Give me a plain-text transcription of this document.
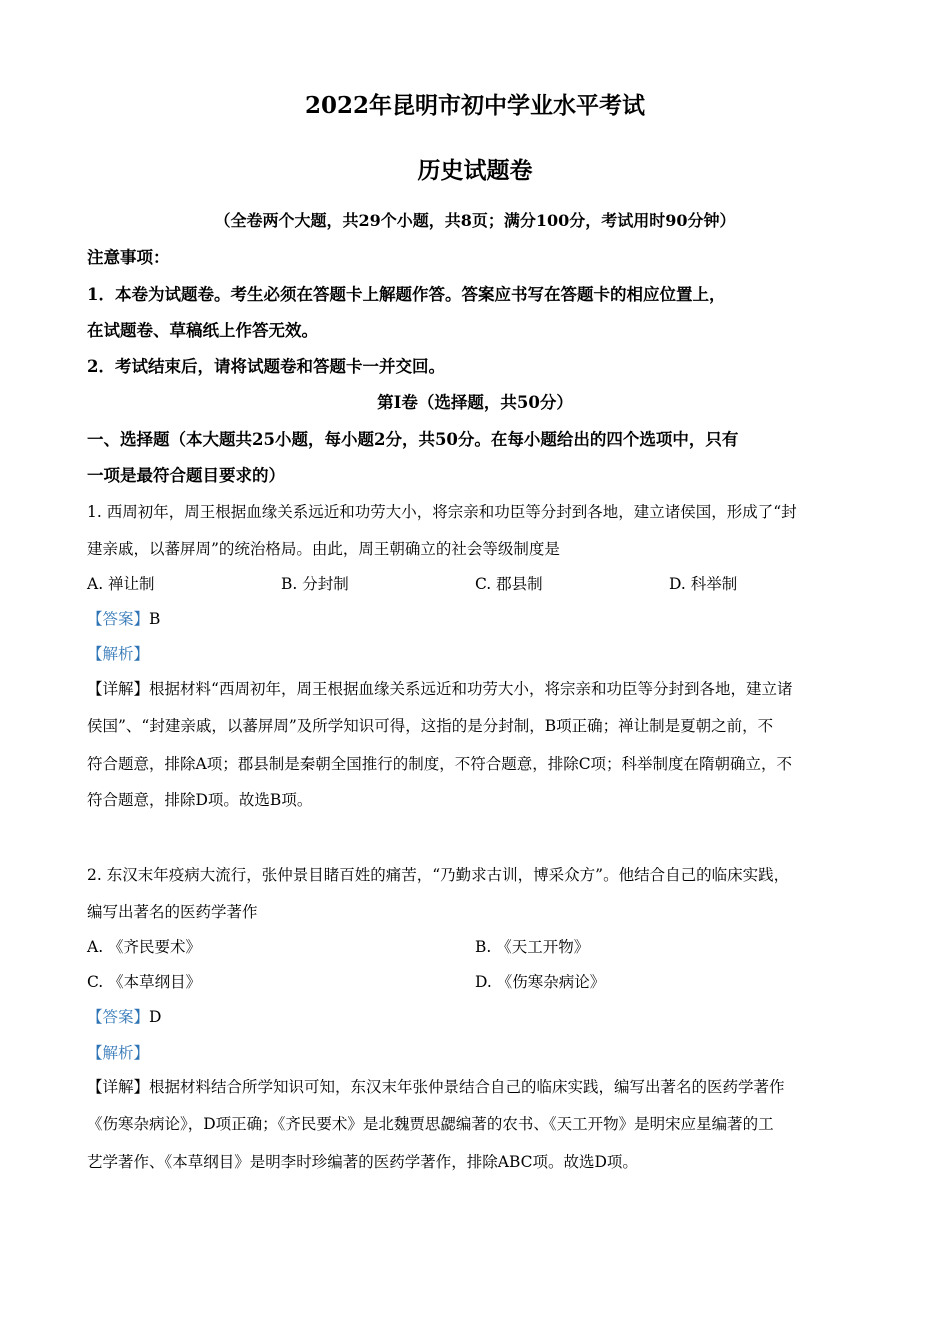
2022年昆明市初中学业水平考试
历史试题卷
（全卷两个大题，共29个小题，共8页；满分100分，考试用时90分钟）
注意事项：
1．本卷为试题卷。考生必须在答题卡上解题作答。答案应书写在答题卡的相应位置上，
在试题卷、草稿纸上作答无效。
2．考试结束后，请将试题卷和答题卡一并交回。
第I卷（选择题，共50分）
一、选择题（本大题共25小题，每小题2分，共50分。在每小题给出的四个选项中，只有
一项是最符合题目要求的）
1. 西周初年，周王根据血缘关系远近和功劳大小，将宗亲和功臣等分封到各地，建立诸侯国，形成了“封
建亲戚，以蕃屏周”的统治格局。由此，周王朝确立的社会等级制度是
A. 禅让制	B. 分封制	C. 郡县制	D. 科举制
【答案】B
【解析】
【详解】根据材料“西周初年，周王根据血缘关系远近和功劳大小，将宗亲和功臣等分封到各地，建立诸
侯国”、“封建亲戚，以蕃屏周”及所学知识可得，这指的是分封制，B项正确；禅让制是夏朝之前，不
符合题意，排除A项；郡县制是秦朝全国推行的制度，不符合题意，排除C项；科举制度在隋朝确立，不
符合题意，排除D项。故选B项。
2. 东汉末年疫病大流行，张仲景目睹百姓的痛苦，“乃勤求古训，博采众方”。他结合自己的临床实践，
编写出著名的医药学著作
A. 《齐民要术》	B. 《天工开物》
C. 《本草纲目》	D. 《伤寒杂病论》
【答案】D
【解析】
【详解】根据材料结合所学知识可知，东汉末年张仲景结合自己的临床实践，编写出著名的医药学著作
《伤寒杂病论》，D项正确；《齐民要术》是北魏贾思勰编著的农书、《天工开物》是明宋应星编著的工
艺学著作、《本草纲目》是明李时珍编著的医药学著作，排除ABC项。故选D项。
